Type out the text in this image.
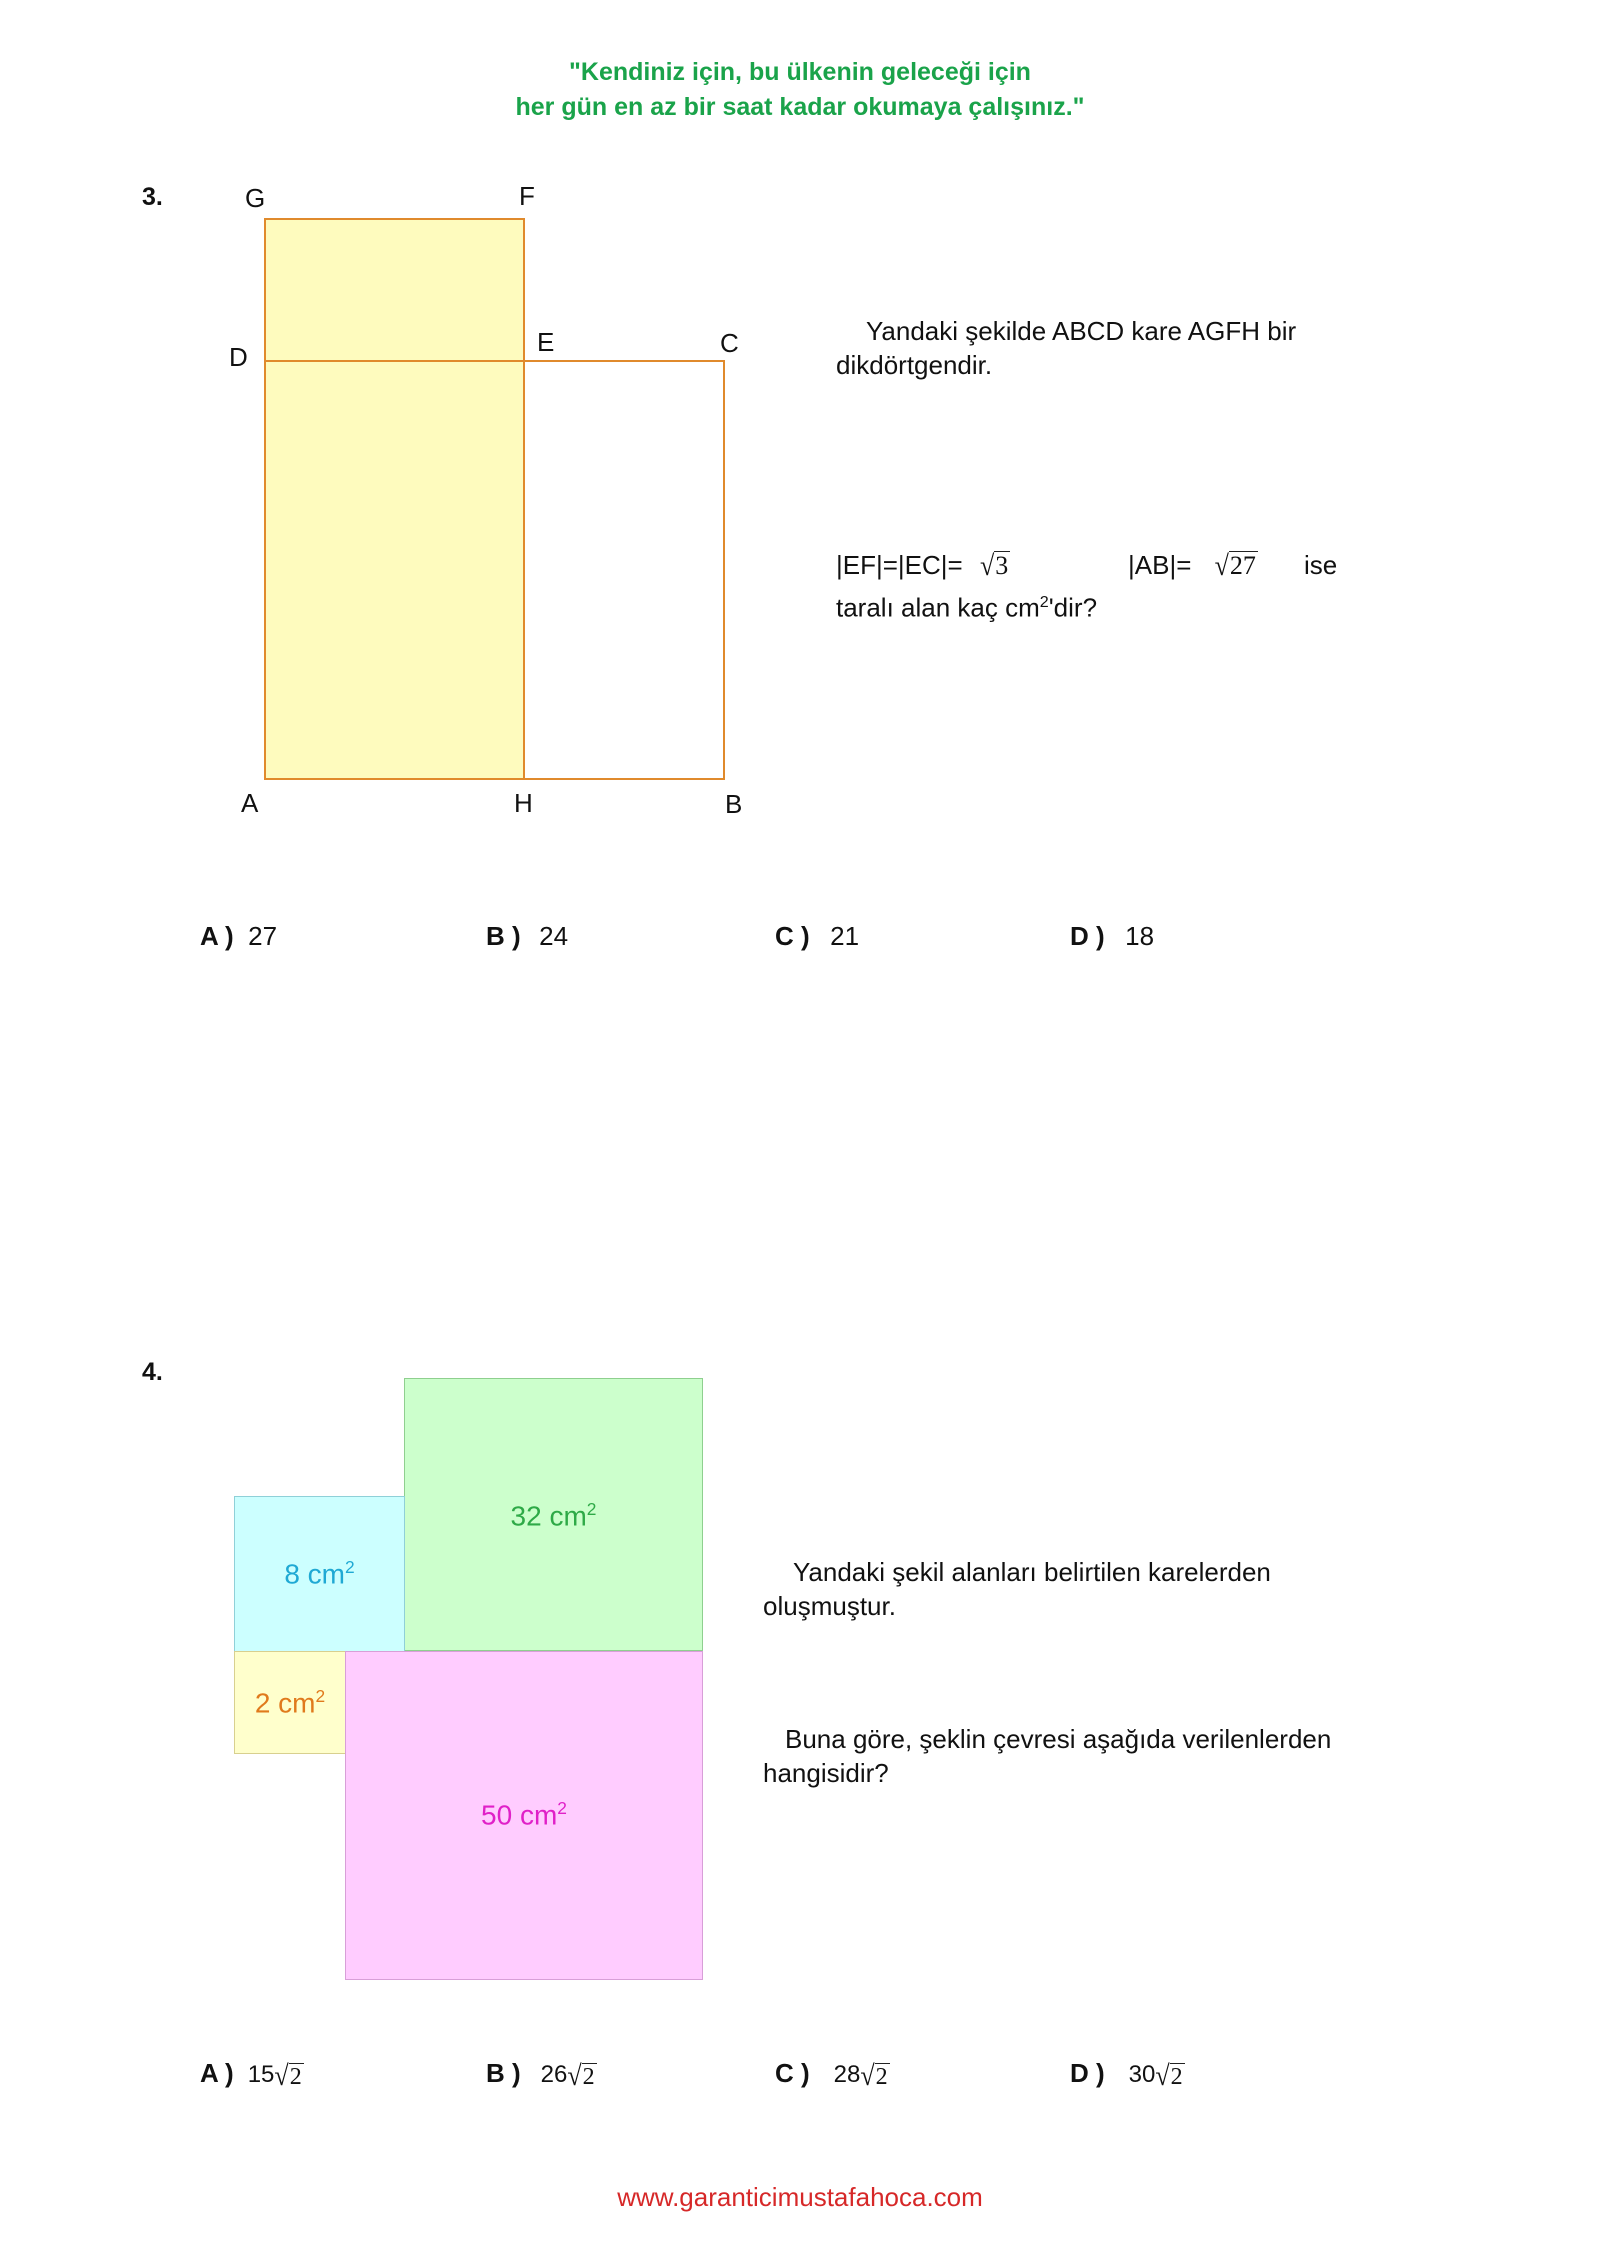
"Kendiniz için, bu ülkenin geleceği için
her gün en az bir saat kadar okumaya çalışınız."
3.	G	F
D	E	C
A	H	B
Yandaki şekilde ABCD kare AGFH bir
dikdörtgendir.
|EF|=|EC|= √ 3	|AB|= √ 27 ise
taralı alan kaç $cm^2'dir$?
A ) 27	B ) 24	C ) 21	D ) 18
4.
32 $cm^2$
8 $cm^2$
2 $cm^2$
50 $cm^2$
Yandaki şekil alanları belirtilen karelerden
oluşmuştur.
Buna göre, şeklin çevresi aşağıda verilenlerden
hangisidir?
A ) 15 √ 2	B ) 26 √ 2	C ) 28 √ 2	D ) 30 √ 2
www.garanticimustafahoca.com
